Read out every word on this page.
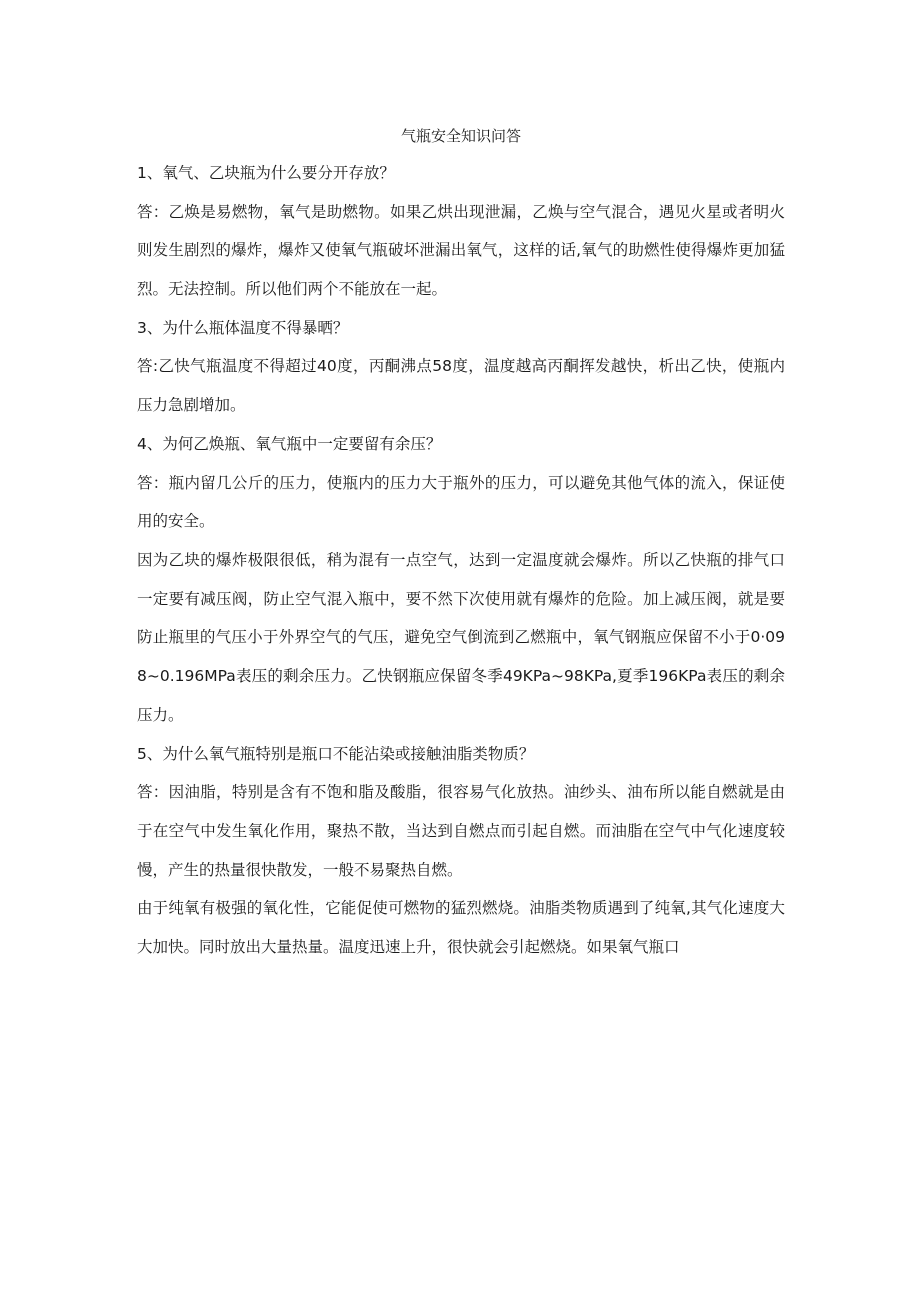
气瓶安全知识问答

1、氧气、乙块瓶为什么要分开存放？

答：乙焕是易燃物，氧气是助燃物。如果乙烘出现泄漏，乙焕与空气混合，遇见火星或者明火则发生剧烈的爆炸，爆炸又使氧气瓶破坏泄漏出氧气，这样的话,氧气的助燃性使得爆炸更加猛烈。无法控制。所以他们两个不能放在一起。

3、为什么瓶体温度不得暴晒？

答:乙快气瓶温度不得超过40度，丙酮沸点58度，温度越高丙酮挥发越快，析出乙快，使瓶内压力急剧增加。

4、为何乙焕瓶、氧气瓶中一定要留有余压？

答：瓶内留几公斤的压力，使瓶内的压力大于瓶外的压力，可以避免其他气体的流入，保证使用的安全。

因为乙块的爆炸极限很低，稍为混有一点空气，达到一定温度就会爆炸。所以乙快瓶的排气口一定要有减压阀，防止空气混入瓶中，要不然下次使用就有爆炸的危险。加上减压阀，就是要防止瓶里的气压小于外界空气的气压，避免空气倒流到乙燃瓶中，氧气钢瓶应保留不小于0·098~0.196MPa表压的剩余压力。乙快钢瓶应保留冬季49KPa~98KPa,夏季196KPa表压的剩余压力。

5、为什么氧气瓶特别是瓶口不能沾染或接触油脂类物质？

答：因油脂，特别是含有不饱和脂及酸脂，很容易气化放热。油纱头、油布所以能自燃就是由于在空气中发生氧化作用，聚热不散，当达到自燃点而引起自燃。而油脂在空气中气化速度较慢，产生的热量很快散发，一般不易聚热自燃。

由于纯氧有极强的氧化性，它能促使可燃物的猛烈燃烧。油脂类物质遇到了纯氧,其气化速度大大加快。同时放出大量热量。温度迅速上升，很快就会引起燃烧。如果氧气瓶口
